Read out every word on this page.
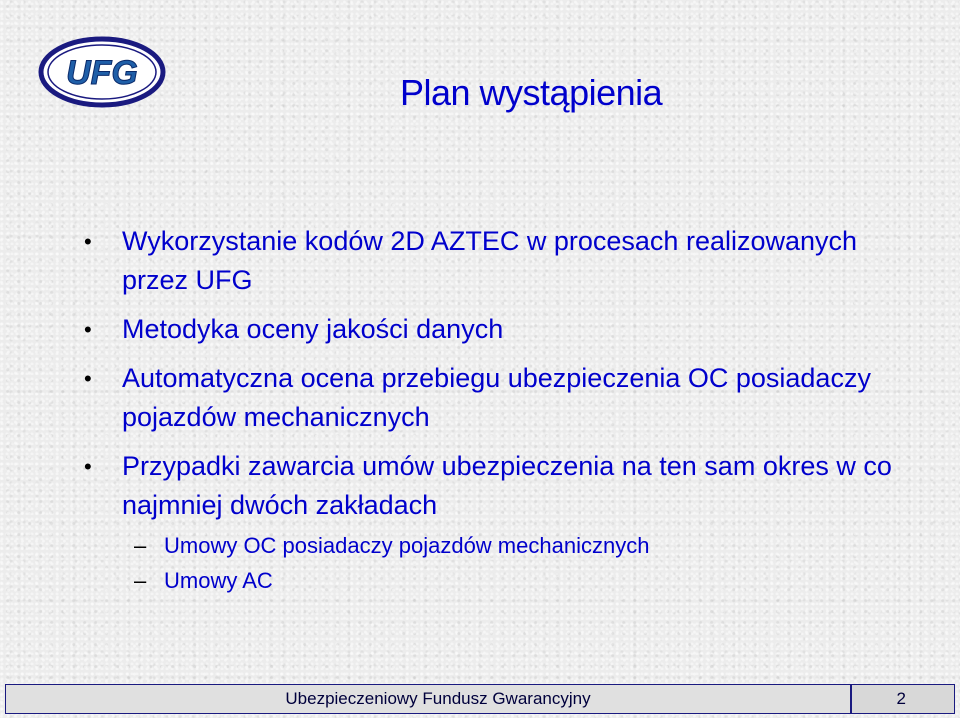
UFG	Plan wystąpienia
• Wykorzystanie kodów 2D AZTEC w procesach realizowanych przez UFG
• Metodyka oceny jakości danych
• Automatyczna ocena przebiegu ubezpieczenia OC posiadaczy pojazdów mechanicznych
• Przypadki zawarcia umów ubezpieczenia na ten sam okres w co najmniej dwóch zakładach
– Umowy OC posiadaczy pojazdów mechanicznych
– Umowy AC
Ubezpieczeniowy Fundusz Gwarancyjny	2
